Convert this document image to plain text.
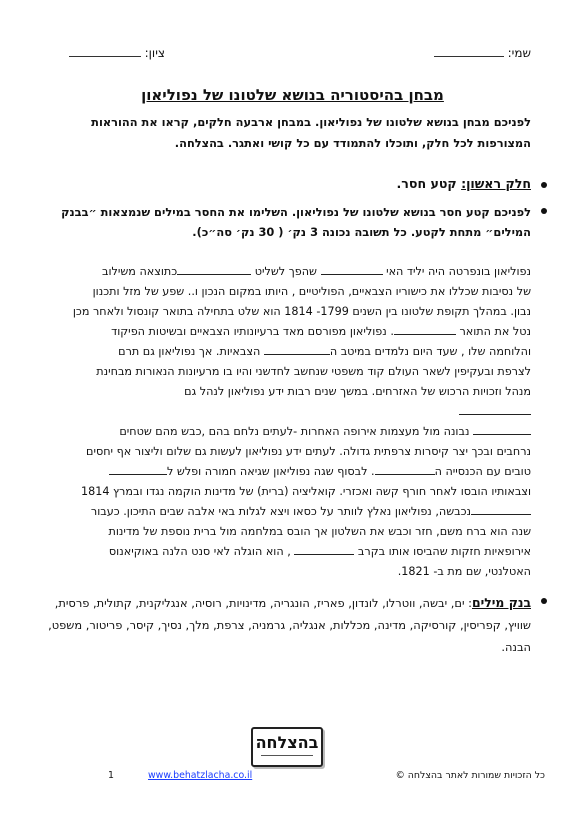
שמי:
ציון:
מבחן בהיסטוריה בנושא שלטונו של נפוליאון
לפניכם מבחן בנושא שלטונו של נפוליאון. במבחן ארבעה חלקים, קראו את ההוראות המצורפות לכל חלק, ותוכלו להתמודד עם כל קושי ואתגר. בהצלחה.
חלק ראשון: קטע חסר.
לפניכם קטע חסר בנושא שלטונו של נפוליאון. השלימו את החסר במילים שנמצאות ״בבנק המילים״ מתחת לקטע. כל תשובה נכונה 3 נק׳ ( 30 נק׳ סה״כ).
נפוליאון בונפרטה היה יליד האי  שהפך לשליט כתוצאה משילוב
של נסיבות שכללו את כישוריו הצבאיים, הפוליטיים , היותו במקום הנכון ו.. שפע של מזל ותכנון
נבון. במהלך תקופת שלטונו בין השנים 1799- 1814 הוא שלט בתחילה בתואר קונסול ולאחר מכן
נטל את התואר . נפוליאון מפורסם מאד ברעיונותיו הצבאיים ובשיטות הפיקוד
והלוחמה שלו , שעד היום נלמדים במיטב ה הצבאיות. אך נפוליאון גם תרם
לצרפת ובעקיפין לשאר העולם קוד משפטי שנחשב לחדשני והיו בו מרעיונות הנאורות מבחינת
מנהל וזכויות הרכוש של האזרחים. במשך שנים רבות ידע נפוליאון לנהל גם
נבונה מול מעצמות אירופה האחרות -לעתים נלחם בהם ,כבש מהם שטחים
נרחבים ובכך יצר קיסרות צרפתית גדולה. לעתים ידע נפוליאון לעשות גם שלום וליצור אף יחסים
טובים עם הכנסייה ה. לבסוף שגה נפוליאון שגיאה חמורה ופלש ל
וצבאותיו הובסו לאחר חורף קשה ואכזרי. קואליציה (ברית) של מדינות הוקמה נגדו ובמרץ 1814
נכבשה, נפוליאון נאלץ לוותר על כסאו ויצא לגלות באי אלבה שבים התיכון. כעבור
שנה הוא ברח משם, חזר וכבש את השלטון אך הובס במלחמה מול ברית נוספת של מדינות
אירופאיות חזקות שהביסו אותו בקרב  , הוא הוגלה לאי סנט הלנה באוקיאנוס
האטלנטי, שם מת ב- 1821.
בנק מילים: ים, יבשה, ווטרלו, לונדון, פאריז, הונגריה, מדינויות, רוסיה, אנגליקנית, קתולית, פרסית, שוויץ, קפריסין, קורסיקה, מדינה, מכללות, אנגליה, גרמניה, צרפת, מלך, נסיך, קיסר, פריטור, משפט, הבנה.
בהצלחה
כל הזכויות שמורות לאתר בהצלחה ©
www.behatzlacha.co.il
1
